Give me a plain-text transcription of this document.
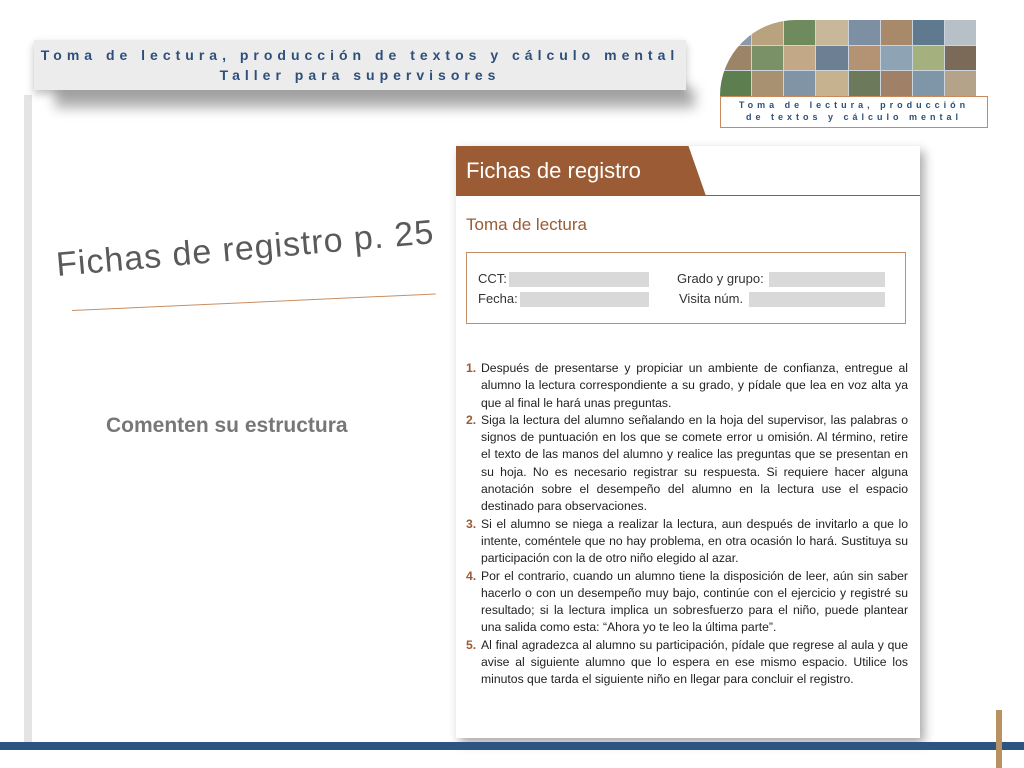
Toma de lectura, producción de textos y cálculo mental
Taller para supervisores
Toma de lectura, producción
de textos y cálculo mental
Fichas de registro p. 25
Comenten su estructura
Fichas de registro
Toma de lectura
CCT:	Grado y grupo:
Fecha:	Visita núm.
1. Después de presentarse y propiciar un ambiente de confianza, entregue al alumno la lectura correspondiente a su grado, y pídale que lea en voz alta ya que al final le hará unas preguntas.
2. Siga la lectura del alumno señalando en la hoja del supervisor, las palabras o signos de puntuación en los que se comete error u omisión. Al término, retire el texto de las manos del alumno y realice las preguntas que se presentan en su hoja. No es necesario registrar su respuesta. Si requiere hacer alguna anotación sobre el desempeño del alumno en la lectura use el espacio destinado para observaciones.
3. Si el alumno se niega a realizar la lectura, aun después de invitarlo a que lo intente, coméntele que no hay problema, en otra ocasión lo hará. Sustituya su participación con la de otro niño elegido al azar.
4. Por el contrario, cuando un alumno tiene la disposición de leer, aún sin saber hacerlo o con un desempeño muy bajo, continúe con el ejercicio y registré su resultado; si la lectura implica un sobresfuerzo para el niño, puede plantear una salida como esta: “Ahora yo te leo la última parte”.
5. Al final agradezca al alumno su participación, pídale que regrese al aula y que avise al siguiente alumno que lo espera en ese mismo espacio. Utilice los minutos que tarda el siguiente niño en llegar para concluir el registro.
